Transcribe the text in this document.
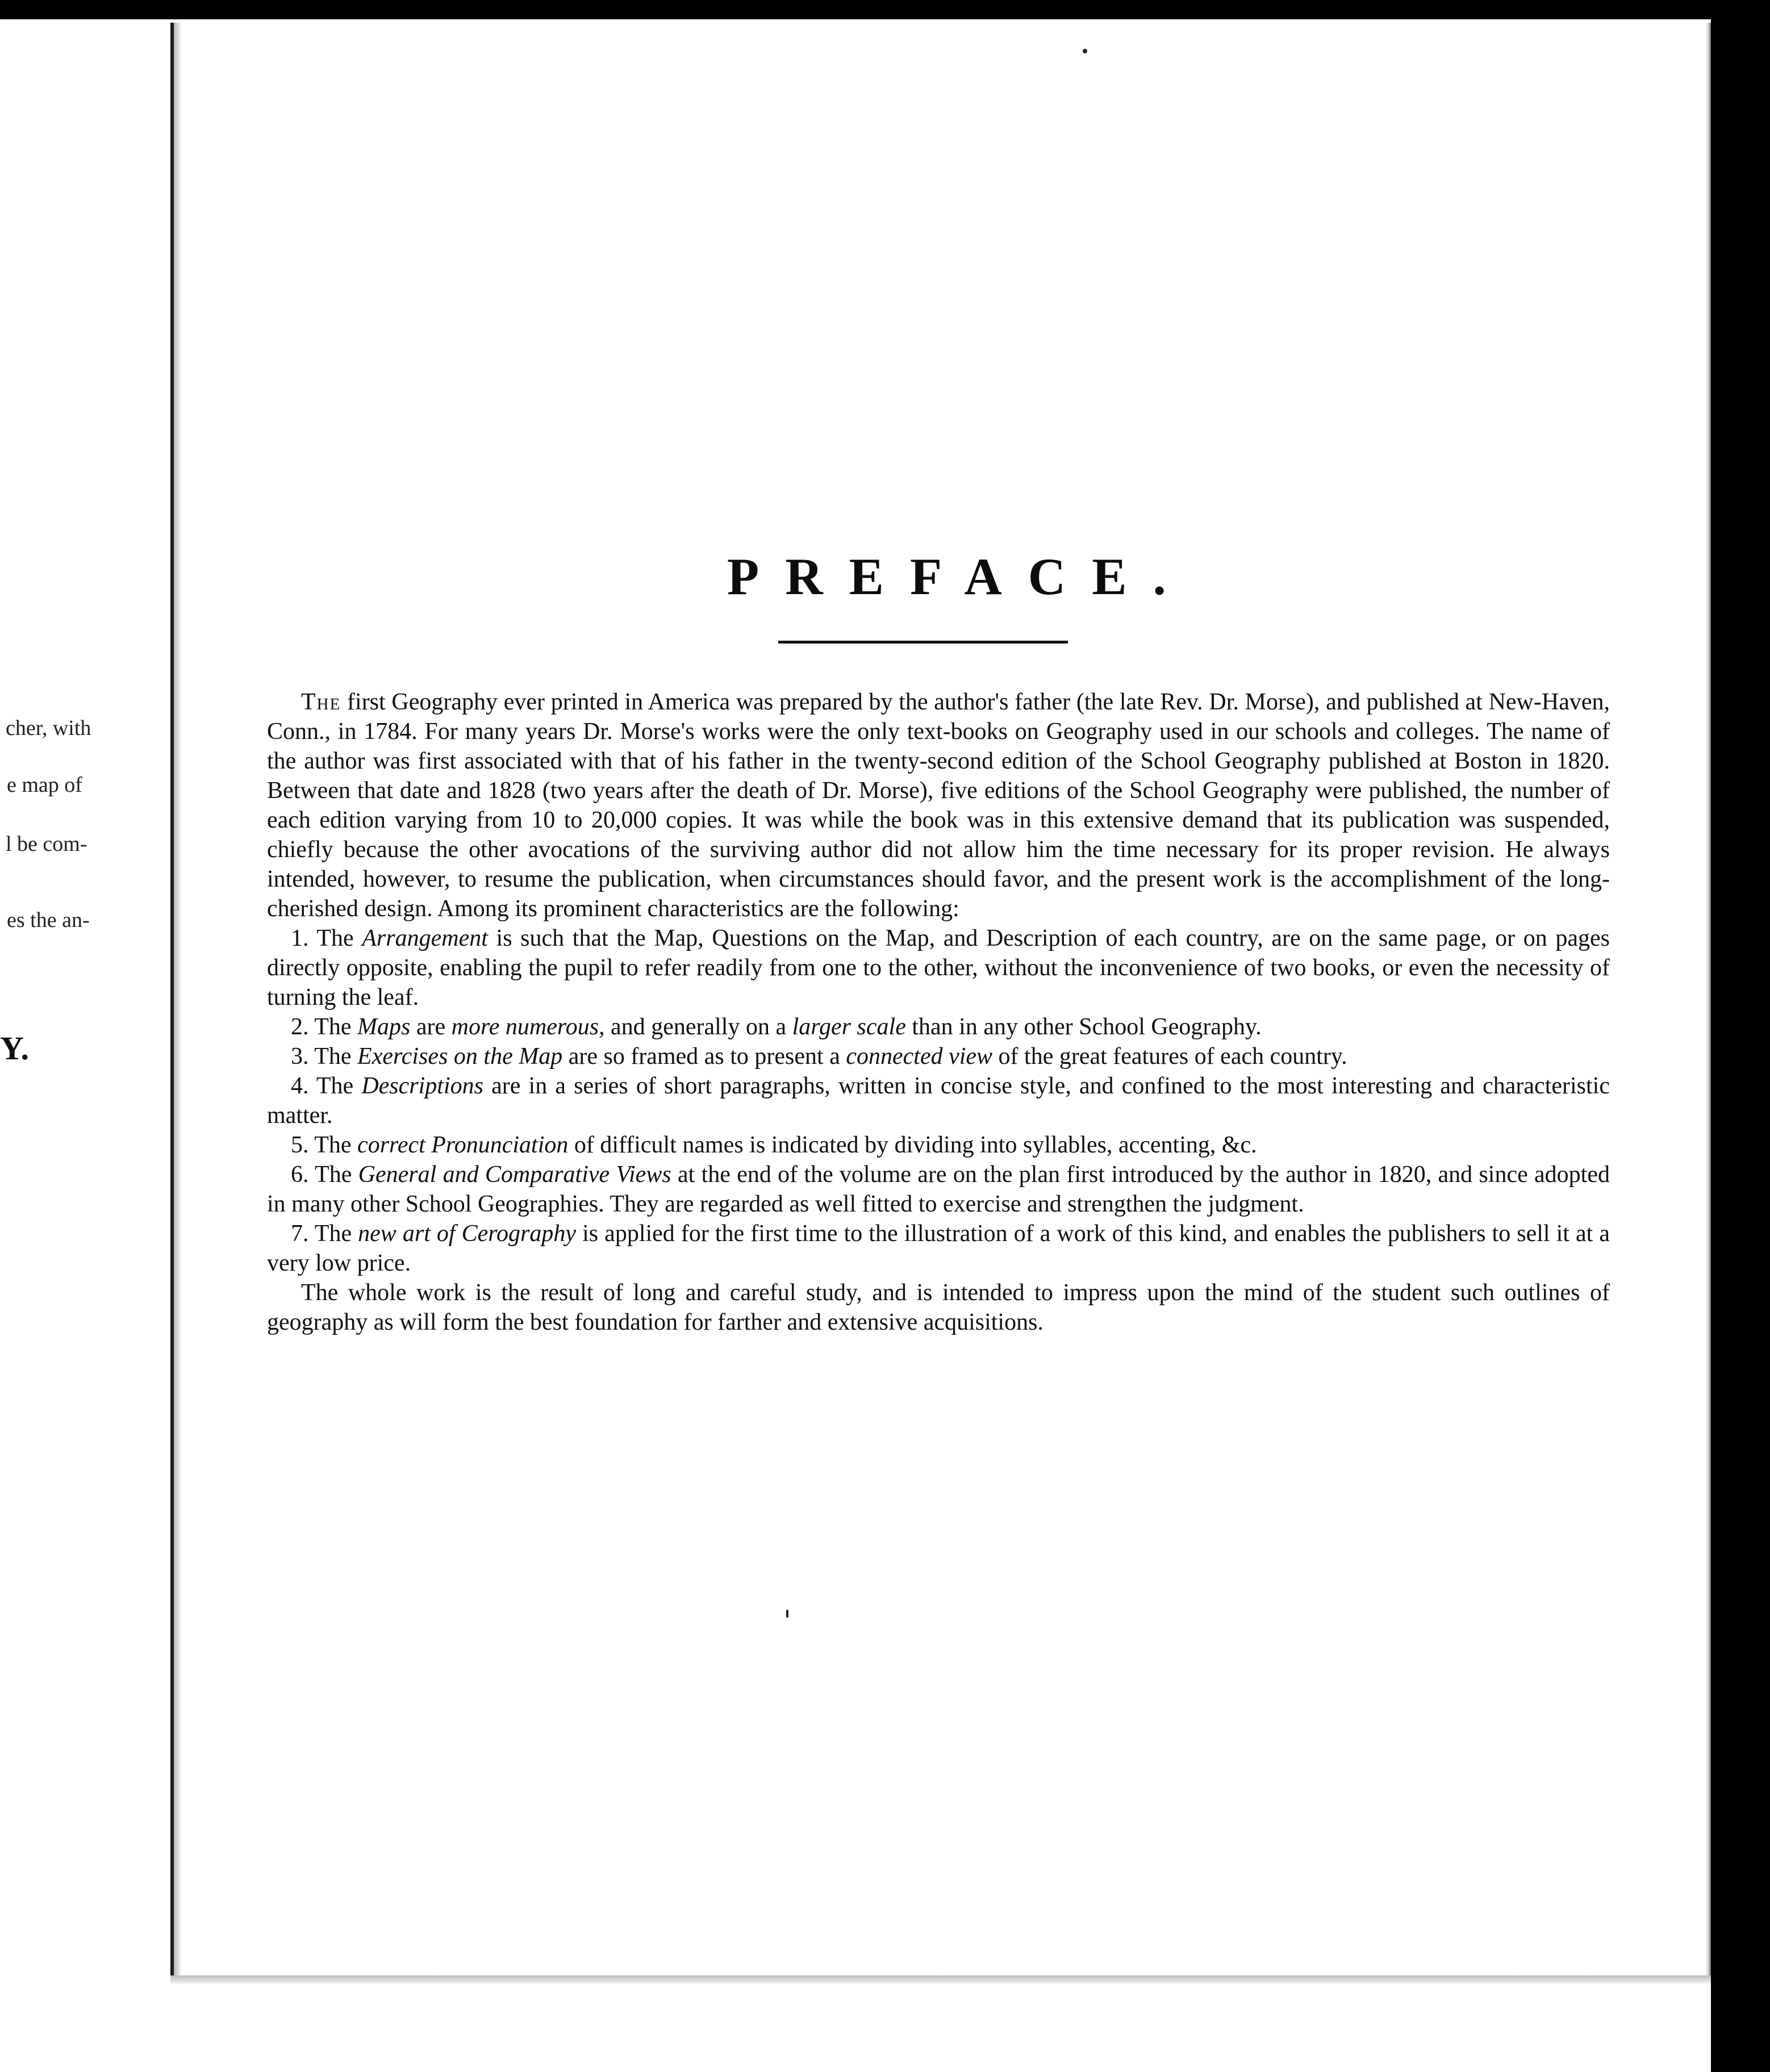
cher, with
e map of
l be com-
es the an-
Y.
PREFACE.

The first Geography ever printed in America was prepared by the author's father (the late Rev. Dr. Morse), and published at New-Haven, Conn., in 1784. For many years Dr. Morse's works were the only text-books on Geography used in our schools and colleges. The name of the author was first associated with that of his father in the twenty-second edition of the School Geography published at Boston in 1820. Between that date and 1828 (two years after the death of Dr. Morse), five editions of the School Geography were published, the number of each edition varying from 10 to 20,000 copies. It was while the book was in this extensive demand that its publication was suspended, chiefly because the other avocations of the surviving author did not allow him the time necessary for its proper revision. He always intended, however, to resume the publication, when circumstances should favor, and the present work is the accomplishment of the long-cherished design. Among its prominent characteristics are the following:

1. The Arrangement is such that the Map, Questions on the Map, and Description of each country, are on the same page, or on pages directly opposite, enabling the pupil to refer readily from one to the other, without the inconvenience of two books, or even the necessity of turning the leaf.

2. The Maps are more numerous, and generally on a larger scale than in any other School Geography.

3. The Exercises on the Map are so framed as to present a connected view of the great features of each country.

4. The Descriptions are in a series of short paragraphs, written in concise style, and confined to the most interesting and characteristic matter.

5. The correct Pronunciation of difficult names is indicated by dividing into syllables, accenting, &c.

6. The General and Comparative Views at the end of the volume are on the plan first introduced by the author in 1820, and since adopted in many other School Geographies. They are regarded as well fitted to exercise and strengthen the judgment.

7. The new art of Cerography is applied for the first time to the illustration of a work of this kind, and enables the publishers to sell it at a very low price.

The whole work is the result of long and careful study, and is intended to impress upon the mind of the student such outlines of geography as will form the best foundation for farther and extensive acquisitions.
